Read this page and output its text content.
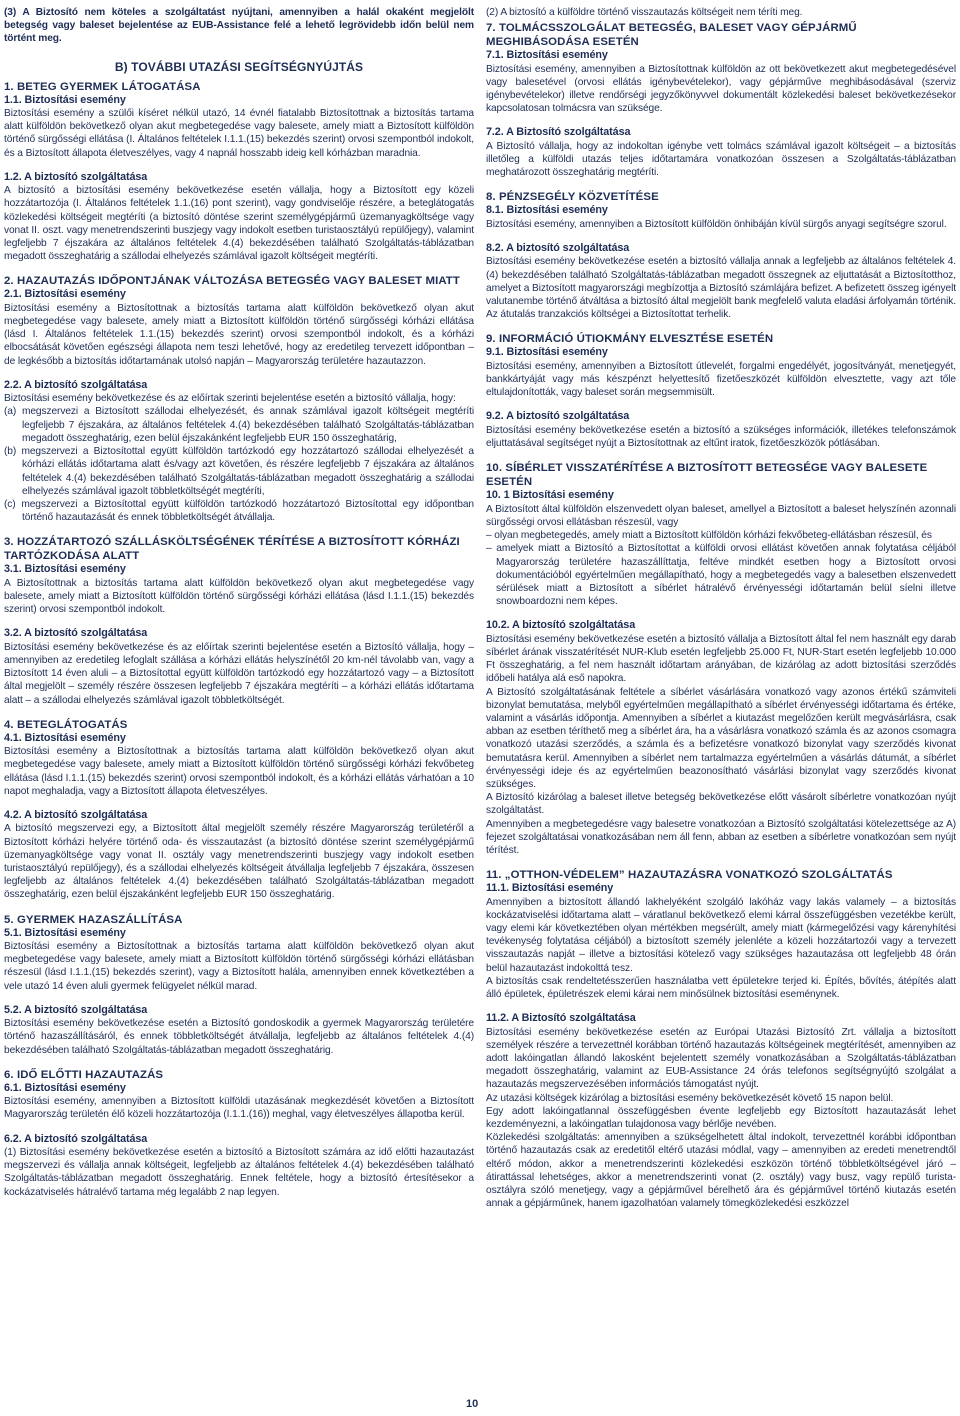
(3) A Biztosító nem köteles a szolgáltatást nyújtani, amennyiben a halál okaként megjelölt betegség vagy baleset bejelentése az EUB-Assistance felé a lehető legrövidebb időn belül nem történt meg.

B) TOVÁBBI UTAZÁSI SEGÍTSÉGNYÚJTÁS
1. BETEG GYERMEK LÁTOGATÁSA
1.1. Biztosítási esemény

Biztosítási esemény a szülői kíséret nélkül utazó, 14 évnél fiatalabb Biztosítottnak a biztosítás tartama alatt külföldön bekövetkező olyan akut megbetegedése vagy balesete, amely miatt a Biztosított külföldön történő sürgősségi ellátása (I. Általános feltételek I.1.1.(15) bekezdés szerint) orvosi szempontból indokolt, és a Biztosított állapota életveszélyes, vagy 4 napnál hosszabb ideig kell kórházban maradnia.

1.2. A biztosító szolgáltatása

A biztosító a biztosítási esemény bekövetkezése esetén vállalja, hogy a Biztosított egy közeli hozzátartozója (I. Általános feltételek 1.1.(16) pont szerint), vagy gondviselője részére, a beteglátogatás közlekedési költségeit megtéríti (a biztosító döntése szerint személygépjármű üzemanyagköltsége vagy vonat II. oszt. vagy menetrendszerinti buszjegy vagy indokolt esetben turistaosztályú repülőjegy), valamint legfeljebb 7 éjszakára az általános feltételek 4.(4) bekezdésében található Szolgáltatás-táblázatban megadott összeghatárig a szállodai elhelyezés számlával igazolt költségeit megtéríti.

2. HAZAUTAZÁS IDŐPONTJÁNAK VÁLTOZÁSA BETEGSÉG VAGY BALESET MIATT
2.1. Biztosítási esemény

Biztosítási esemény a Biztosítottnak a biztosítás tartama alatt külföldön bekövetkező olyan akut megbetegedése vagy balesete, amely miatt a Biztosított külföldön történő sürgősségi kórházi ellátása (lásd I. Általános feltételek 1.1.(15) bekezdés szerint) orvosi szempontból indokolt, és a kórházi elbocsátását követően egészségi állapota nem teszi lehetővé, hogy az eredetileg tervezett időpontban – de legkésőbb a biztosítás időtartamának utolsó napján – Magyarország területére hazautazzon.

2.2. A biztosító szolgáltatása

Biztosítási esemény bekövetkezése és az előírtak szerinti bejelentése esetén a biztosító vállalja, hogy:

(a) megszervezi a Biztosított szállodai elhelyezését, és annak számlával igazolt költségeit megtéríti legfeljebb 7 éjszakára, az általános feltételek 4.(4) bekezdésében található Szolgáltatás-táblázatban megadott összeghatárig, ezen belül éjszakánként legfeljebb EUR 150 összeghatárig,

(b) megszervezi a Biztosítottal együtt külföldön tartózkodó egy hozzátartozó szállodai elhelyezését a kórházi ellátás időtartama alatt és/vagy azt követően, és részére legfeljebb 7 éjszakára az általános feltételek 4.(4) bekezdésében található Szolgáltatás-táblázatban megadott összeghatárig a szállodai elhelyezés számlával igazolt többletköltségét megtéríti,

(c) megszervezi a Biztosítottal együtt külföldön tartózkodó hozzátartozó Biztosítottal egy időpontban történő hazautazását és ennek többletköltségét átvállalja.

3. HOZZÁTARTOZÓ SZÁLLÁSKÖLTSÉGÉNEK TÉRÍTÉSE A BIZTOSÍTOTT KÓRHÁZI TARTÓZKODÁSA ALATT
3.1. Biztosítási esemény

A Biztosítottnak a biztosítás tartama alatt külföldön bekövetkező olyan akut megbetegedése vagy balesete, amely miatt a Biztosított külföldön történő sürgősségi kórházi ellátása (lásd I.1.1.(15) bekezdés szerint) orvosi szempontból indokolt.

3.2. A biztosító szolgáltatása

Biztosítási esemény bekövetkezése és az előírtak szerinti bejelentése esetén a Biztosító vállalja, hogy – amennyiben az eredetileg lefoglalt szállása a kórházi ellátás helyszínétől 20 km-nél távolabb van, vagy a Biztosított 14 éven aluli – a Biztosítottal együtt külföldön tartózkodó egy hozzátartozó vagy – a Biztosított által megjelölt – személy részére összesen legfeljebb 7 éjszakára megtéríti – a kórházi ellátás időtartama alatt – a szállodai elhelyezés számlával igazolt többletköltségét.

4. BETEGLÁTOGATÁS
4.1. Biztosítási esemény

Biztosítási esemény a Biztosítottnak a biztosítás tartama alatt külföldön bekövetkező olyan akut megbetegedése vagy balesete, amely miatt a Biztosított külföldön történő sürgősségi kórházi fekvőbeteg ellátása (lásd I.1.1.(15) bekezdés szerint) orvosi szempontból indokolt, és a kórházi ellátás várhatóan a 10 napot meghaladja, vagy a Biztosított állapota életveszélyes.

4.2. A biztosító szolgáltatása

A biztosító megszervezi egy, a Biztosított által megjelölt személy részére Magyarország területéről a Biztosított kórházi helyére történő oda- és visszautazást (a biztosító döntése szerint személygépjármű üzemanyagköltsége vagy vonat II. osztály vagy menetrendszerinti buszjegy vagy indokolt esetben turistaosztályú repülőjegy), és a szállodai elhelyezés költségeit átvállalja legfeljebb 7 éjszakára, összesen legfeljebb az általános feltételek 4.(4) bekezdésében található Szolgáltatás-táblázatban megadott összeghatárig, ezen belül éjszakánként legfeljebb EUR 150 összeghatárig.

5. GYERMEK HAZASZÁLLÍTÁSA
5.1. Biztosítási esemény

Biztosítási esemény a Biztosítottnak a biztosítás tartama alatt külföldön bekövetkező olyan akut megbetegedése vagy balesete, amely miatt a Biztosított külföldön történő sürgősségi kórházi ellátásban részesül (lásd I.1.1.(15) bekezdés szerint), vagy a Biztosított halála, amennyiben ennek következtében a vele utazó 14 éven aluli gyermek felügyelet nélkül marad.

5.2. A biztosító szolgáltatása

Biztosítási esemény bekövetkezése esetén a Biztosító gondoskodik a gyermek Magyarország területére történő hazaszállításáról, és ennek többletköltségét átvállalja, legfeljebb az általános feltételek 4.(4) bekezdésében található Szolgáltatás-táblázatban megadott összeghatárig.

6. IDŐ ELŐTTI HAZAUTAZÁS
6.1. Biztosítási esemény

Biztosítási esemény, amennyiben a Biztosított külföldi utazásának megkezdését követően a Biztosított Magyarország területén élő közeli hozzátartozója (I.1.1.(16)) meghal, vagy életveszélyes állapotba kerül.

6.2. A biztosító szolgáltatása

(1) Biztosítási esemény bekövetkezése esetén a biztosító a Biztosított számára az idő előtti hazautazást megszervezi és vállalja annak költségeit, legfeljebb az általános feltételek 4.(4) bekezdésében található Szolgáltatás-táblázatban megadott összeghatárig. Ennek feltétele, hogy a biztosító értesítésekor a kockázatviselés hátralévő tartama még legalább 2 nap legyen.

(2) A biztosító a külföldre történő visszautazás költségeit nem téríti meg.

7. TOLMÁCSSZOLGÁLAT BETEGSÉG, BALESET VAGY GÉPJÁRMŰ MEGHIBÁSODÁSA ESETÉN
7.1. Biztosítási esemény

Biztosítási esemény, amennyiben a Biztosítottnak külföldön az ott bekövetkezett akut megbetegedésével vagy balesetével (orvosi ellátás igénybevételekor), vagy gépjárműve meghibásodásával (szerviz igénybevételekor) illetve rendőrségi jegyzőkönyvvel dokumentált közlekedési baleset bekövetkezésekor kapcsolatosan tolmácsra van szüksége.

7.2. A Biztosító szolgáltatása

A Biztosító vállalja, hogy az indokoltan igénybe vett tolmács számlával igazolt költségeit – a biztosítás illetőleg a külföldi utazás teljes időtartamára vonatkozóan összesen a Szolgáltatás-táblázatban meghatározott összeghatárig megtéríti.

8. PÉNZSEGÉLY KÖZVETÍTÉSE
8.1. Biztosítási esemény

Biztosítási esemény, amennyiben a Biztosított külföldön önhibáján kívül sürgős anyagi segítségre szorul.

8.2. A biztosító szolgáltatása

Biztosítási esemény bekövetkezése esetén a biztosító vállalja annak a legfeljebb az általános feltételek 4.(4) bekezdésében található Szolgáltatás-táblázatban megadott összegnek az eljuttatását a Biztosítotthoz, amelyet a Biztosított magyarországi megbízottja a Biztosító számlájára befizet. A befizetett összeg igényelt valutanembe történő átváltása a biztosító által megjelölt bank megfelelő valuta eladási árfolyamán történik. Az átutalás tranzakciós költségei a Biztosítottat terhelik.

9. INFORMÁCIÓ ÚTIOKMÁNY ELVESZTÉSE ESETÉN
9.1. Biztosítási esemény

Biztosítási esemény, amennyiben a Biztosított útlevelét, forgalmi engedélyét, jogosítványát, menetjegyét, bankkártyáját vagy más készpénzt helyettesítő fizetőeszközét külföldön elvesztette, vagy azt tőle eltulajdonították, vagy baleset során megsemmisült.

9.2. A biztosító szolgáltatása

Biztosítási esemény bekövetkezése esetén a biztosító a szükséges információk, illetékes telefonszámok eljuttatásával segítséget nyújt a Biztosítottnak az eltűnt iratok, fizetőeszközök pótlásában.

10. SÍBÉRLET VISSZATÉRÍTÉSE A BIZTOSÍTOTT BETEGSÉGE VAGY BALESETE ESETÉN
10. 1 Biztosítási esemény

A Biztosított által külföldön elszenvedett olyan baleset, amellyel a Biztosított a baleset helyszínén azonnali sürgősségi orvosi ellátásban részesül, vagy

– olyan megbetegedés, amely miatt a Biztosított külföldön kórházi fekvőbeteg-ellátásban részesül, és

– amelyek miatt a Biztosító a Biztosítottat a külföldi orvosi ellátást követően annak folytatása céljából Magyarország területére hazaszállíttatja, feltéve mindkét esetben hogy a Biztosított orvosi dokumentációból egyértelműen megállapítható, hogy a megbetegedés vagy a balesetben elszenvedett sérülések miatt a Biztosított a síbérlet hátralévő érvényességi időtartamán belül síelni illetve snowboardozni nem képes.

10.2. A biztosító szolgáltatása

Biztosítási esemény bekövetkezése esetén a biztosító vállalja a Biztosított által fel nem használt egy darab síbérlet árának visszatérítését NUR-Klub esetén legfeljebb 25.000 Ft, NUR-Start esetén legfeljebb 10.000 Ft összeghatárig, a fel nem használt időtartam arányában, de kizárólag az adott biztosítási szerződés időbeli hatálya alá eső napokra.

A Biztosító szolgáltatásának feltétele a síbérlet vásárlására vonatkozó vagy azonos értékű számviteli bizonylat bemutatása, melyből egyértelműen megállapítható a síbérlet érvényességi időtartama és értéke, valamint a vásárlás időpontja. Amennyiben a síbérlet a kiutazást megelőzően került megvásárlásra, csak abban az esetben téríthető meg a síbérlet ára, ha a vásárlásra vonatkozó számla és az azonos csomagra vonatkozó utazási szerződés, a számla és a befizetésre vonatkozó bizonylat vagy szerződés kivonat bemutatásra kerül. Amennyiben a síbérlet nem tartalmazza egyértelműen a vásárlás dátumát, a síbérlet érvényességi ideje és az egyértelműen beazonosítható vásárlási bizonylat vagy szerződés kivonat szükséges.

A Biztosító kizárólag a baleset illetve betegség bekövetkezése előtt vásárolt síbérletre vonatkozóan nyújt szolgáltatást.

Amennyiben a megbetegedésre vagy balesetre vonatkozóan a Biztosító szolgáltatási kötelezettsége az A) fejezet szolgáltatásai vonatkozásában nem áll fenn, abban az esetben a síbérletre vonatkozóan sem nyújt térítést.

11. „OTTHON-VÉDELEM” HAZAUTAZÁSRA VONATKOZÓ SZOLGÁLTATÁS
11.1. Biztosítási esemény

Amennyiben a biztosított állandó lakhelyéként szolgáló lakóház vagy lakás valamely – a biztosítás kockázatviselési időtartama alatt – váratlanul bekövetkező elemi kárral összefüggésben vezetékbe került, vagy elemi kár következtében olyan mértékben megsérült, amely miatt (kármegelőzési vagy kárenyhítési tevékenység folytatása céljából) a biztosított személy jelenléte a közeli hozzátartozói vagy a tervezett visszautazás napját – illetve a biztosítási kötelező vagy szükséges hazautazása ott legfeljebb 48 órán belül hazautazást indokolttá tesz.

A biztosítás csak rendeltetésszerűen használatba vett épületekre terjed ki. Építés, bővítés, átépítés alatt álló épületek, épületrészek elemi kárai nem minősülnek biztosítási eseménynek.

11.2. A Biztosító szolgáltatása

Biztosítási esemény bekövetkezése esetén az Európai Utazási Biztosító Zrt. vállalja a biztosított személyek részére a tervezettnél korábban történő hazautazás költségeinek megtérítését, amennyiben az adott lakóingatlan állandó lakosként bejelentett személy vonatkozásában a Szolgáltatás-táblázatban megadott összeghatárig, valamint az EUB-Assistance 24 órás telefonos segítségnyújtó szolgálat a hazautazás megszervezésében információs támogatást nyújt.

Az utazási költségek kizárólag a biztosítási esemény bekövetkezését követő 15 napon belül.

Egy adott lakóingatlannal összefüggésben évente legfeljebb egy Biztosított hazautazását lehet kezdeményezni, a lakóingatlan tulajdonosa vagy bérlője nevében.

Közlekedési szolgáltatás: amennyiben a szükségelhetett által indokolt, tervezettnél korábbi időpontban történő hazautazás csak az eredetitől eltérő utazási módlal, vagy – amennyiben az eredeti menetrendtől eltérő módon, akkor a menetrendszerinti közlekedési eszközön történő többletköltségével járó – átirattással lehetséges, akkor a menetrendszerinti vonat (2. osztály) vagy busz, vagy repülő turista-osztályra szóló menetjegy, vagy a gépjárművel bérelhető ára és gépjárművel történő kiutazás esetén annak a gépjárműnek, hanem igazolhatóan valamely tömegközlekedési eszközzel

10
